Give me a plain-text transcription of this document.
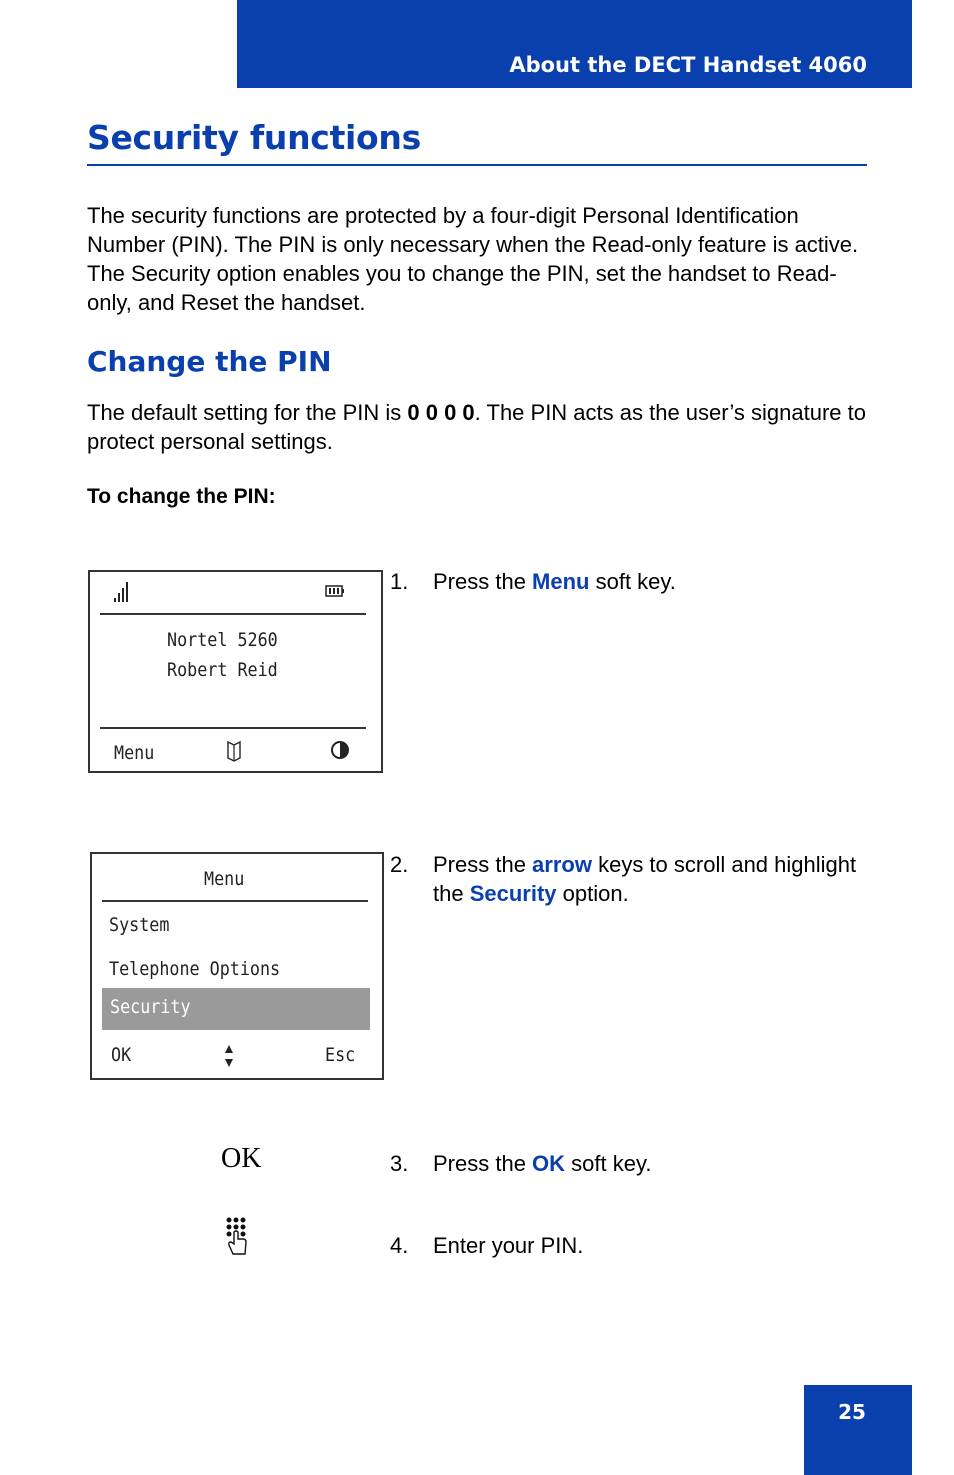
About the DECT Handset 4060
Security functions

The security functions are protected by a four-digit Personal Identification Number (PIN). The PIN is only necessary when the Read-only feature is active. The Security option enables you to change the PIN, set the handset to Read-only, and Reset the handset.

Change the PIN

The default setting for the PIN is 0 0 0 0. The PIN acts as the user’s signature to protect personal settings.

To change the PIN:

Nortel 5260
Robert Reid
Menu
1. Press the Menu soft key.
Menu
System
Telephone Options
Security
OK	Esc
2. Press the arrow keys to scroll and highlight the Security option.
OK	3. Press the OK soft key.
4. Enter your PIN.
25
